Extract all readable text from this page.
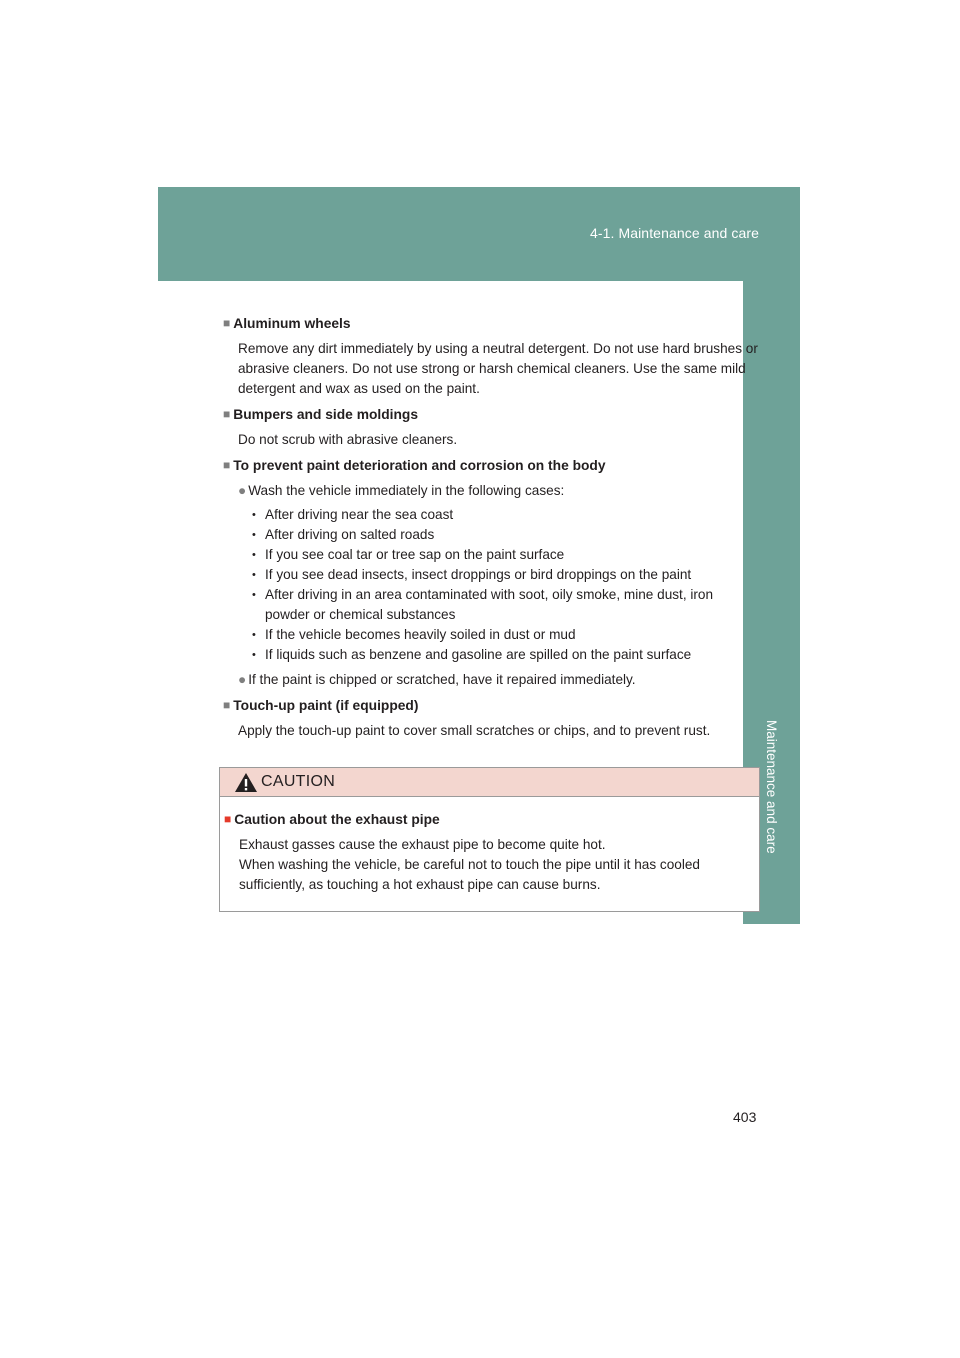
4-1. Maintenance and care
Maintenance and care
■ Aluminum wheels
Remove any dirt immediately by using a neutral detergent. Do not use hard brushes or abrasive cleaners. Do not use strong or harsh chemical cleaners. Use the same mild detergent and wax as used on the paint.
■ Bumpers and side moldings
Do not scrub with abrasive cleaners.
■ To prevent paint deterioration and corrosion on the body
● Wash the vehicle immediately in the following cases:
• After driving near the sea coast
• After driving on salted roads
• If you see coal tar or tree sap on the paint surface
• If you see dead insects, insect droppings or bird droppings on the paint
• After driving in an area contaminated with soot, oily smoke, mine dust, iron powder or chemical substances
• If the vehicle becomes heavily soiled in dust or mud
• If liquids such as benzene and gasoline are spilled on the paint surface
● If the paint is chipped or scratched, have it repaired immediately.
■ Touch-up paint (if equipped)
Apply the touch-up paint to cover small scratches or chips, and to prevent rust.
CAUTION
■ Caution about the exhaust pipe
Exhaust gasses cause the exhaust pipe to become quite hot.
When washing the vehicle, be careful not to touch the pipe until it has cooled sufficiently, as touching a hot exhaust pipe can cause burns.
403
